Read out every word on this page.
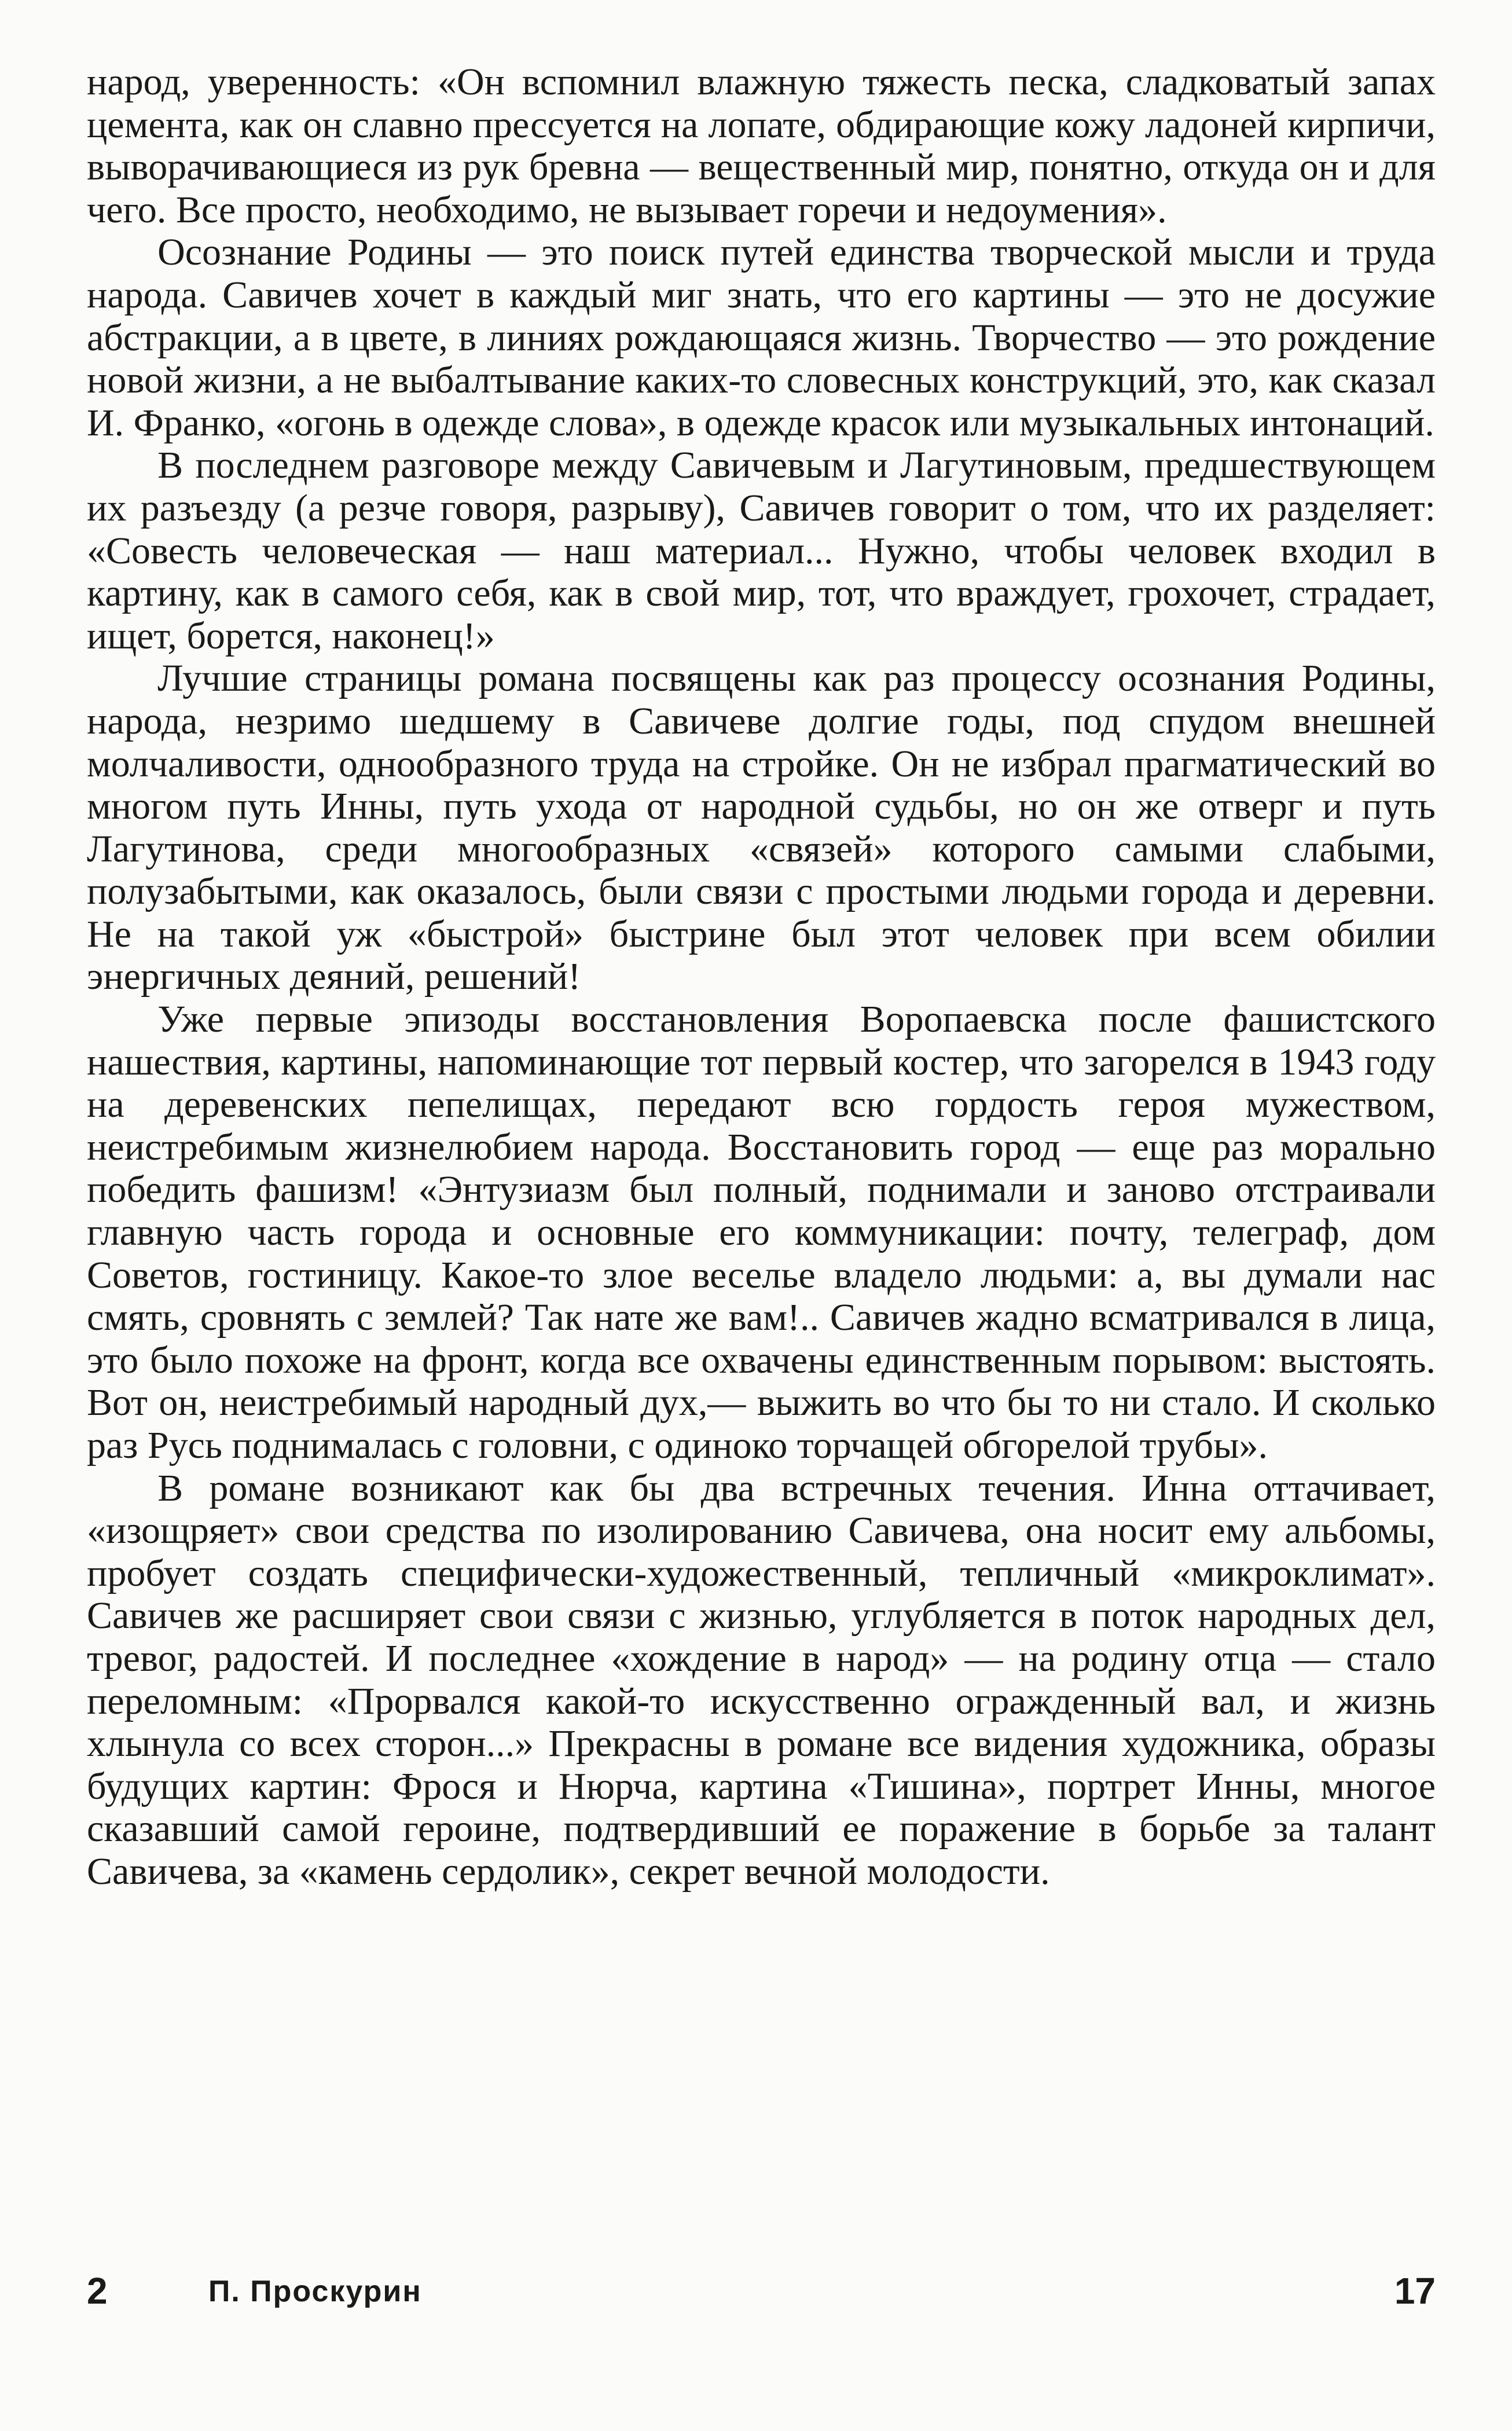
народ, уверенность: «Он вспомнил влажную тяжесть песка, сладковатый запах цемента, как он славно прессуется на лопате, обдирающие кожу ладоней кирпичи, выворачивающиеся из рук бревна — вещественный мир, понятно, откуда он и для чего. Все просто, необходимо, не вызывает горечи и недоумения».

Осознание Родины — это поиск путей единства творческой мысли и труда народа. Савичев хочет в каждый миг знать, что его картины — это не досужие абстракции, а в цвете, в линиях рождающаяся жизнь. Творчество — это рождение новой жизни, а не выбалтывание каких-то словесных конструкций, это, как сказал И. Франко, «огонь в одежде слова», в одежде красок или музыкальных интонаций.

В последнем разговоре между Савичевым и Лагутиновым, предшествующем их разъезду (а резче говоря, разрыву), Савичев говорит о том, что их разделяет: «Совесть человеческая — наш материал... Нужно, чтобы человек входил в картину, как в самого себя, как в свой мир, тот, что враждует, грохочет, страдает, ищет, борется, наконец!»

Лучшие страницы романа посвящены как раз процессу осознания Родины, народа, незримо шедшему в Савичеве долгие годы, под спудом внешней молчаливости, однообразного труда на стройке. Он не избрал прагматический во многом путь Инны, путь ухода от народной судьбы, но он же отверг и путь Лагутинова, среди многообразных «связей» которого самыми слабыми, полузабытыми, как оказалось, были связи с простыми людьми города и деревни. Не на такой уж «быстрой» быстрине был этот человек при всем обилии энергичных деяний, решений!

Уже первые эпизоды восстановления Воропаевска после фашистского нашествия, картины, напоминающие тот первый костер, что загорелся в 1943 году на деревенских пепелищах, передают всю гордость героя мужеством, неистребимым жизнелюбием народа. Восстановить город — еще раз морально победить фашизм! «Энтузиазм был полный, поднимали и заново отстраивали главную часть города и основные его коммуникации: почту, телеграф, дом Советов, гостиницу. Какое-то злое веселье владело людьми: а, вы думали нас смять, сровнять с землей? Так нате же вам!.. Савичев жадно всматривался в лица, это было похоже на фронт, когда все охвачены единственным порывом: выстоять. Вот он, неистребимый народный дух,— выжить во что бы то ни стало. И сколько раз Русь поднималась с головни, с одиноко торчащей обгорелой трубы».

В романе возникают как бы два встречных течения. Инна оттачивает, «изощряет» свои средства по изолированию Савичева, она носит ему альбомы, пробует создать специфически-художественный, тепличный «микроклимат». Савичев же расширяет свои связи с жизнью, углубляется в поток народных дел, тревог, радостей. И последнее «хождение в народ» — на родину отца — стало переломным: «Прорвался какой-то искусственно огражденный вал, и жизнь хлынула со всех сторон...» Прекрасны в романе все видения художника, образы будущих картин: Фрося и Нюрча, картина «Тишина», портрет Инны, многое сказавший самой героине, подтвердивший ее поражение в борьбе за талант Савичева, за «камень сердолик», секрет вечной молодости.

2	П. Проскурин	17
